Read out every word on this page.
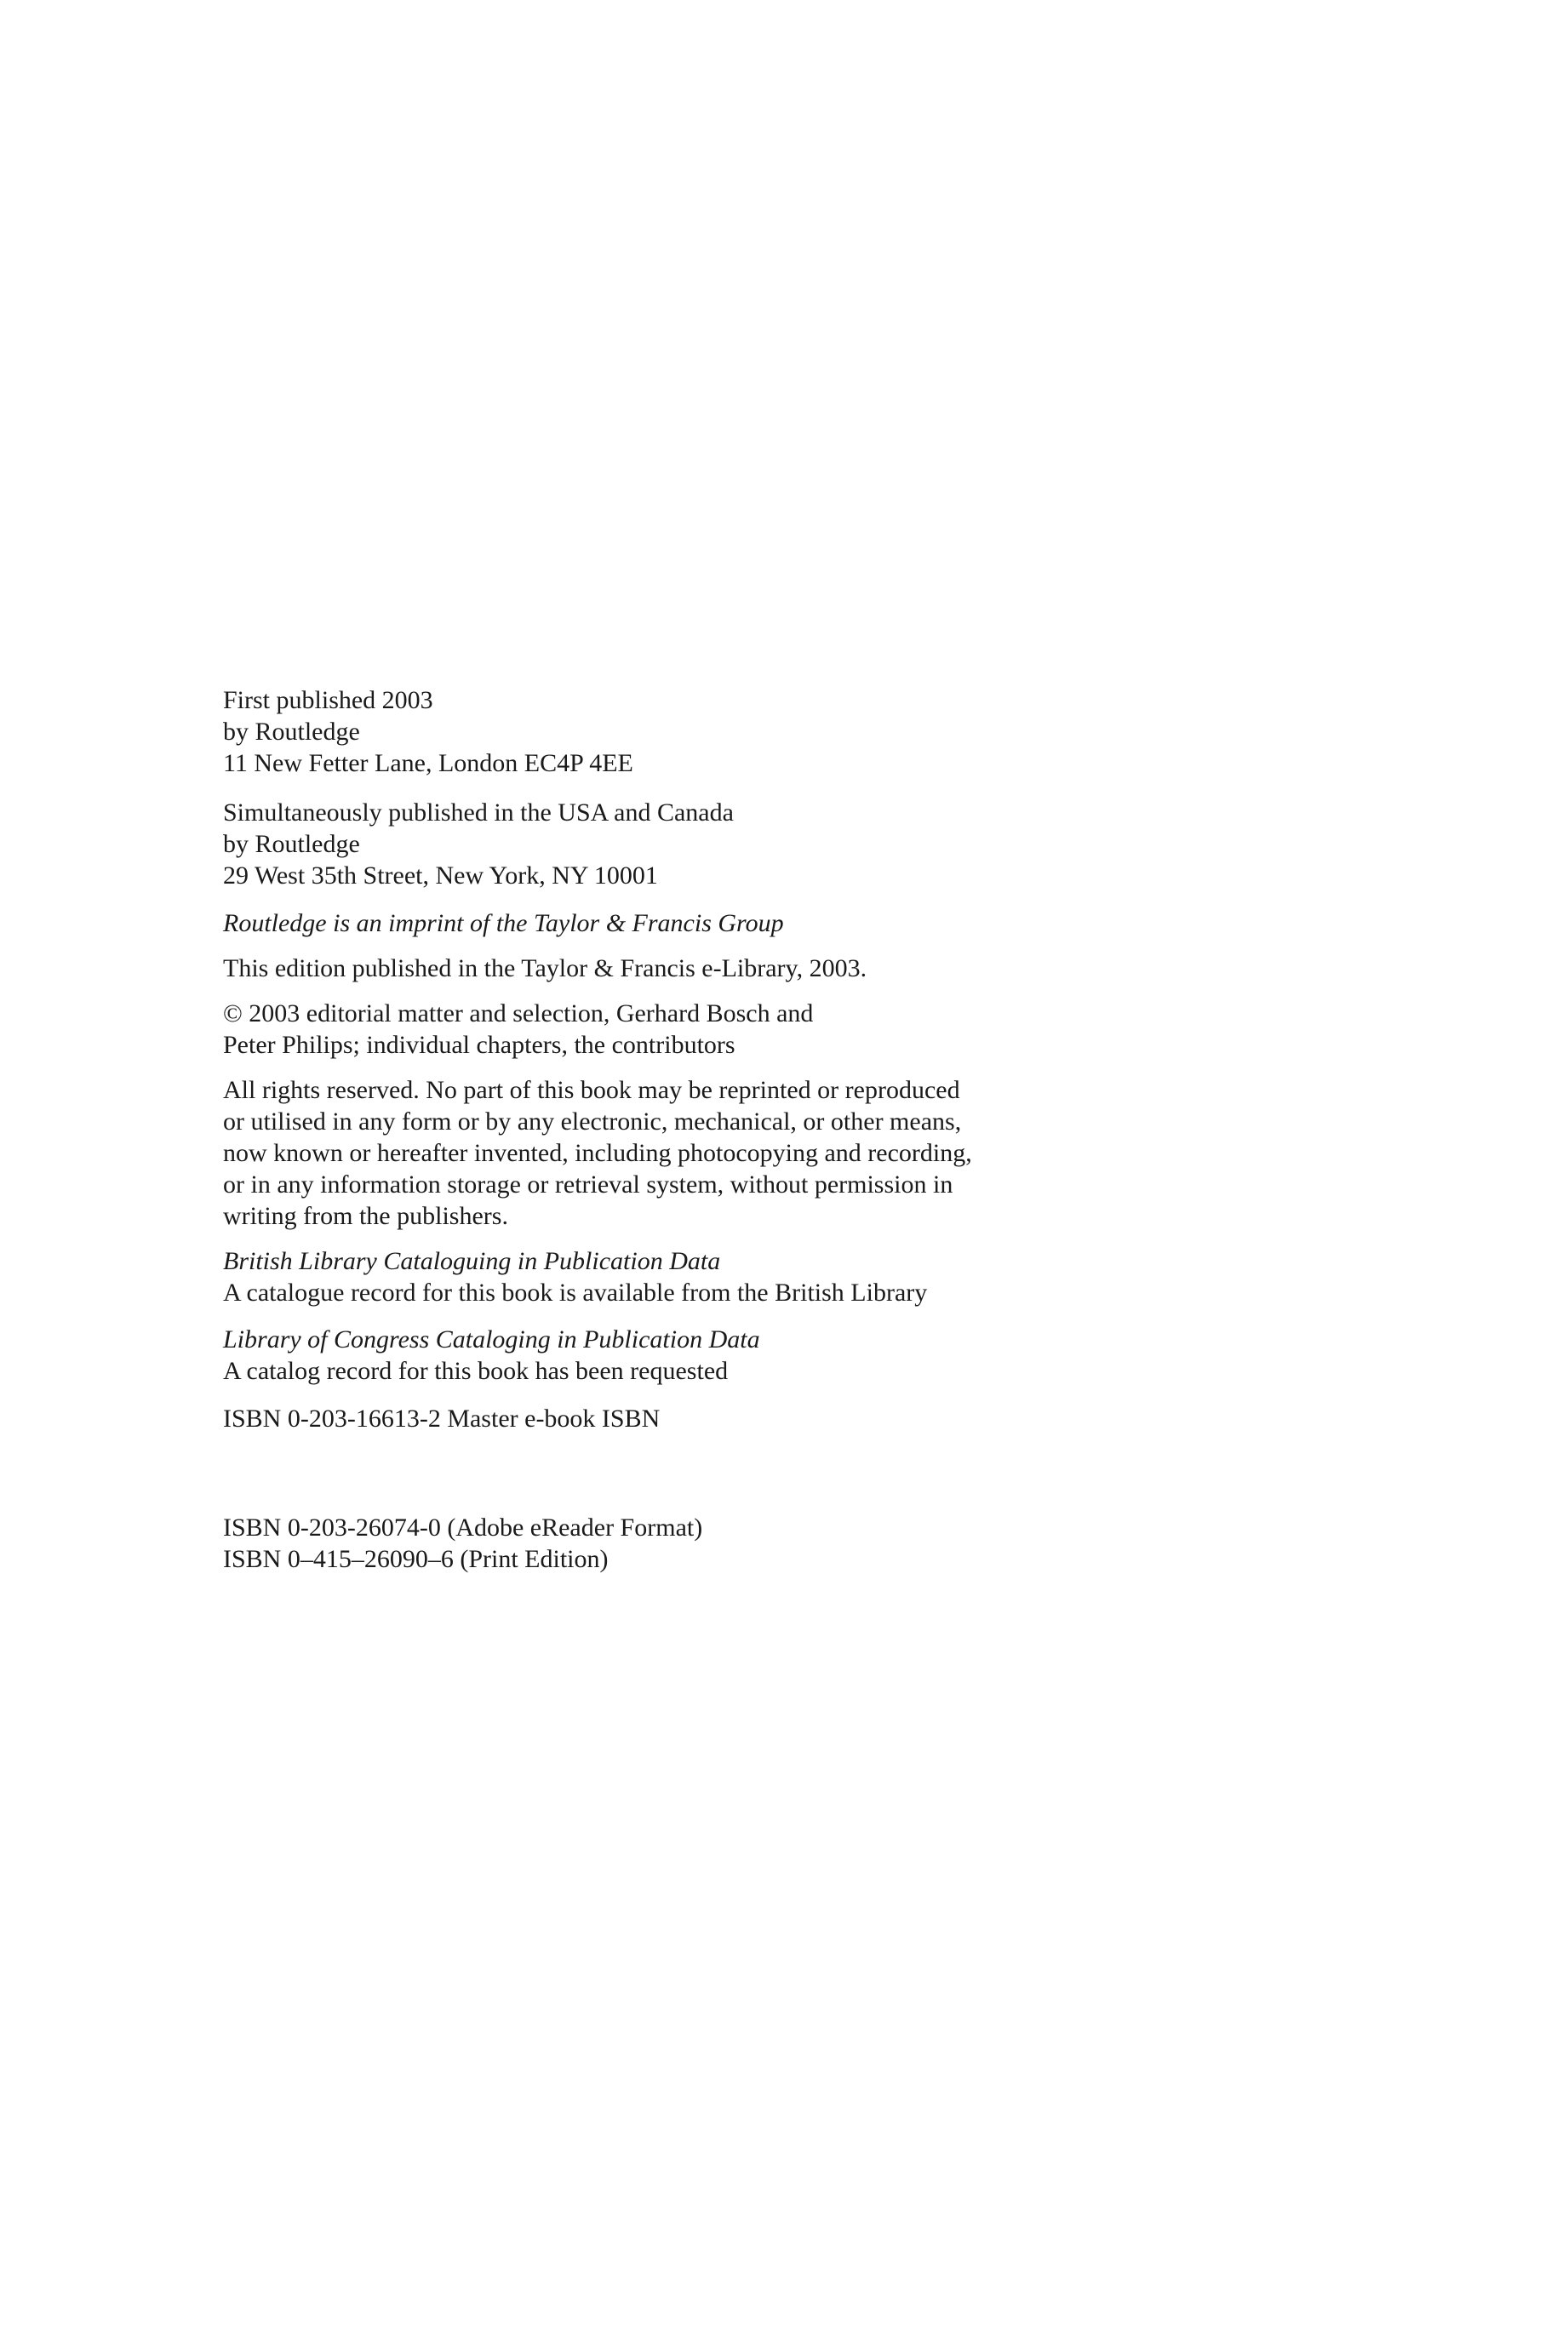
First published 2003
by Routledge
11 New Fetter Lane, London EC4P 4EE
Simultaneously published in the USA and Canada
by Routledge
29 West 35th Street, New York, NY 10001
Routledge is an imprint of the Taylor & Francis Group
This edition published in the Taylor & Francis e-Library, 2003.
© 2003 editorial matter and selection, Gerhard Bosch and
Peter Philips; individual chapters, the contributors
All rights reserved. No part of this book may be reprinted or reproduced
or utilised in any form or by any electronic, mechanical, or other means,
now known or hereafter invented, including photocopying and recording,
or in any information storage or retrieval system, without permission in
writing from the publishers.
British Library Cataloguing in Publication Data
A catalogue record for this book is available from the British Library
Library of Congress Cataloging in Publication Data
A catalog record for this book has been requested
ISBN 0-203-16613-2 Master e-book ISBN
ISBN 0-203-26074-0 (Adobe eReader Format)
ISBN 0–415–26090–6 (Print Edition)
